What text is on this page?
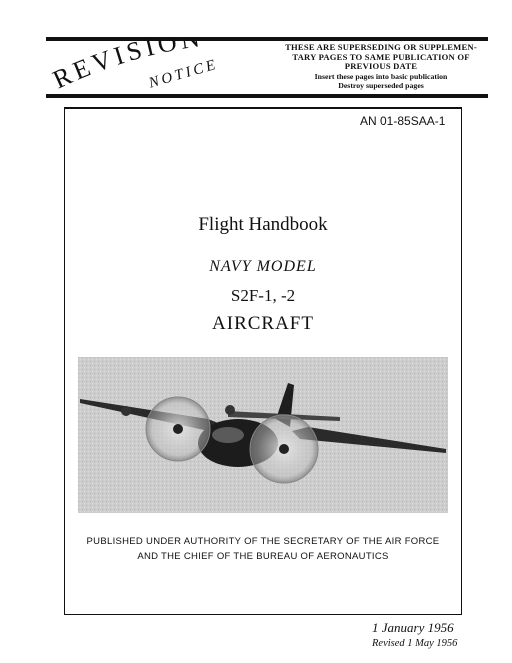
REVISION
NOTICE
THESE ARE SUPERSEDING OR SUPPLEMEN-
TARY PAGES TO SAME PUBLICATION OF
PREVIOUS DATE
Insert these pages into basic publication
Destroy superseded pages
AN 01-85SAA-1
Flight Handbook
NAVY MODEL
S2F-1, -2
AIRCRAFT
PUBLISHED UNDER AUTHORITY OF THE SECRETARY OF THE AIR FORCE
AND THE CHIEF OF THE BUREAU OF AERONAUTICS
1 January 1956
Revised 1 May 1956
